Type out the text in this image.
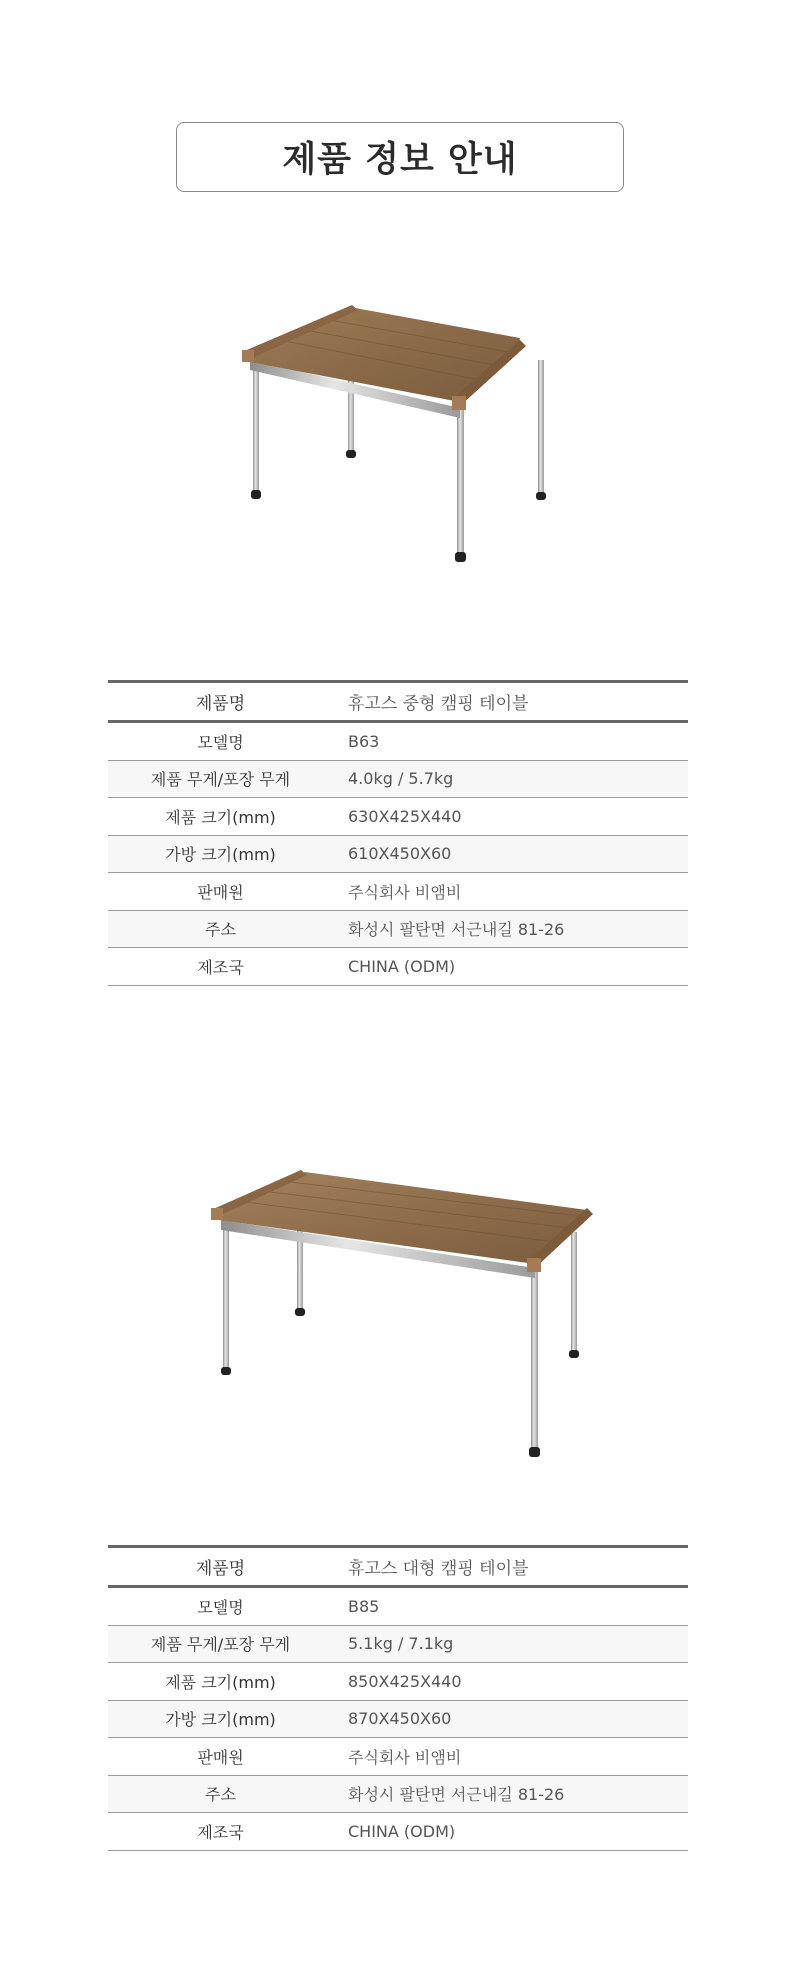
제품 정보 안내
제품명	휴고스 중형 캠핑 테이블
모델명	B63
제품 무게/포장 무게	4.0kg / 5.7kg
제품 크기(mm)	630X425X440
가방 크기(mm)	610X450X60
판매원	주식회사 비앰비
주소	화성시 팔탄면 서근내길 81-26
제조국	CHINA (ODM)
제품명	휴고스 대형 캠핑 테이블
모델명	B85
제품 무게/포장 무게	5.1kg / 7.1kg
제품 크기(mm)	850X425X440
가방 크기(mm)	870X450X60
판매원	주식회사 비앰비
주소	화성시 팔탄면 서근내길 81-26
제조국	CHINA (ODM)
